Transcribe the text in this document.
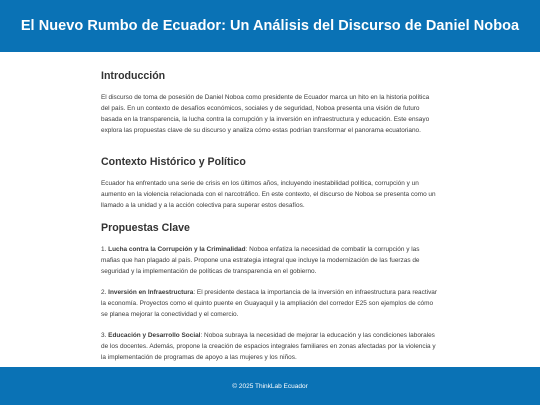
El Nuevo Rumbo de Ecuador: Un Análisis del Discurso de Daniel Noboa
Introducción

El discurso de toma de posesión de Daniel Noboa como presidente de Ecuador marca un hito en la historia política del país. En un contexto de desafíos económicos, sociales y de seguridad, Noboa presenta una visión de futuro basada en la transparencia, la lucha contra la corrupción y la inversión en infraestructura y educación. Este ensayo explora las propuestas clave de su discurso y analiza cómo estas podrían transformar el panorama ecuatoriano.

Contexto Histórico y Político

Ecuador ha enfrentado una serie de crisis en los últimos años, incluyendo inestabilidad política, corrupción y un aumento en la violencia relacionada con el narcotráfico. En este contexto, el discurso de Noboa se presenta como un llamado a la unidad y a la acción colectiva para superar estos desafíos.

Propuestas Clave

1. Lucha contra la Corrupción y la Criminalidad: Noboa enfatiza la necesidad de combatir la corrupción y las mafias que han plagado al país. Propone una estrategia integral que incluye la modernización de las fuerzas de seguridad y la implementación de políticas de transparencia en el gobierno.

2. Inversión en Infraestructura: El presidente destaca la importancia de la inversión en infraestructura para reactivar la economía. Proyectos como el quinto puente en Guayaquil y la ampliación del corredor E25 son ejemplos de cómo se planea mejorar la conectividad y el comercio.

3. Educación y Desarrollo Social: Noboa subraya la necesidad de mejorar la educación y las condiciones laborales de los docentes. Además, propone la creación de espacios integrales familiares en zonas afectadas por la violencia y la implementación de programas de apoyo a las mujeres y los niños.

© 2025 ThinkLab Ecuador
